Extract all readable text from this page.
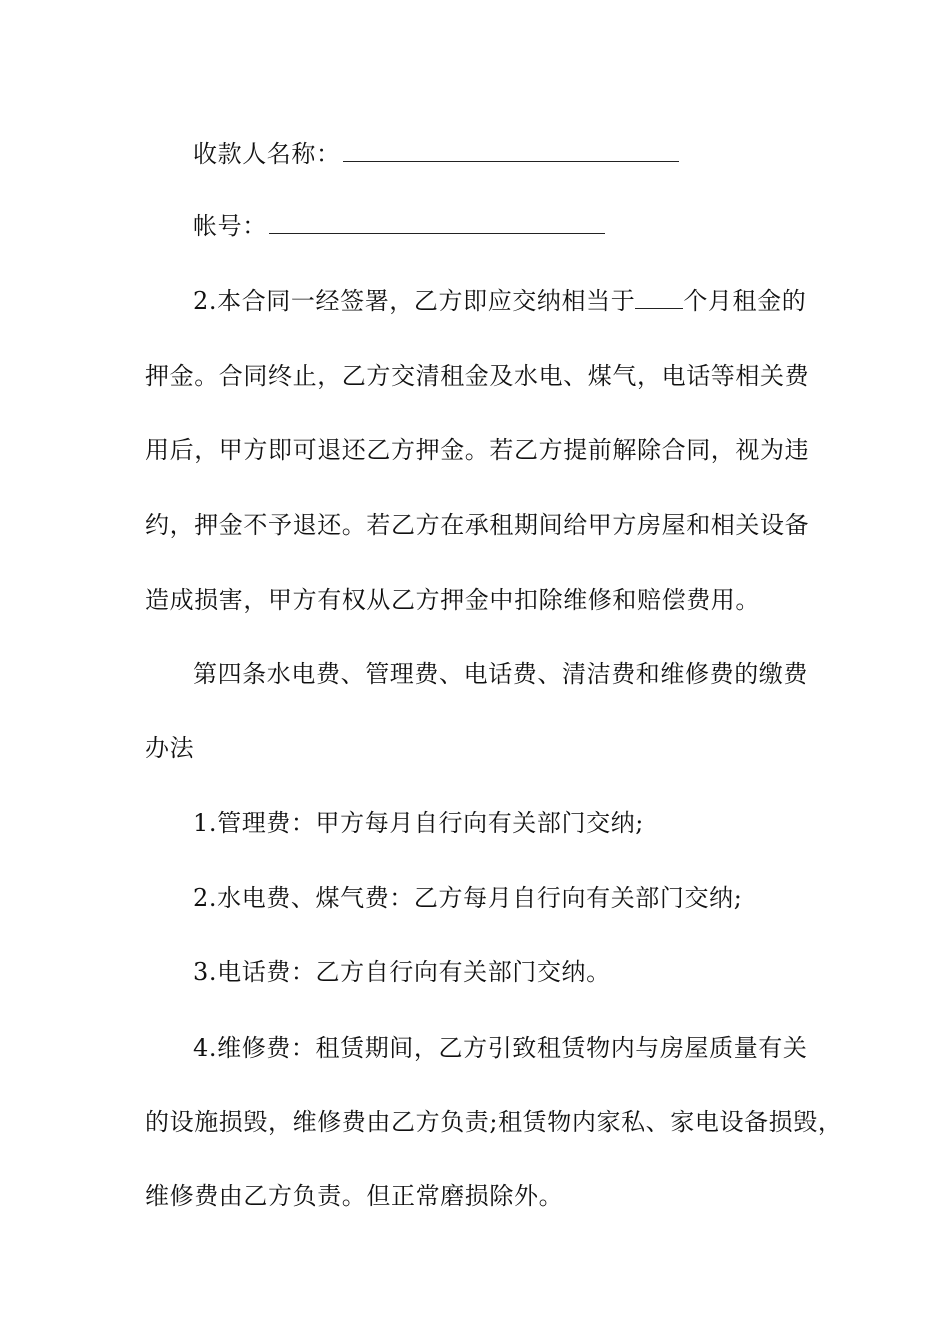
收款人名称：
帐号：
2.本合同一经签署，乙方即应交纳相当于 个月租金的
押金。合同终止，乙方交清租金及水电、煤气，电话等相关费
用后，甲方即可退还乙方押金。若乙方提前解除合同，视为违
约，押金不予退还。若乙方在承租期间给甲方房屋和相关设备
造成损害，甲方有权从乙方押金中扣除维修和赔偿费用。
第四条水电费、管理费、电话费、清洁费和维修费的缴费
办法
1.管理费：甲方每月自行向有关部门交纳;
2.水电费、煤气费：乙方每月自行向有关部门交纳;
3.电话费：乙方自行向有关部门交纳。
4.维修费：租赁期间，乙方引致租赁物内与房屋质量有关
的设施损毁，维修费由乙方负责;租赁物内家私、家电设备损毁，
维修费由乙方负责。但正常磨损除外。
